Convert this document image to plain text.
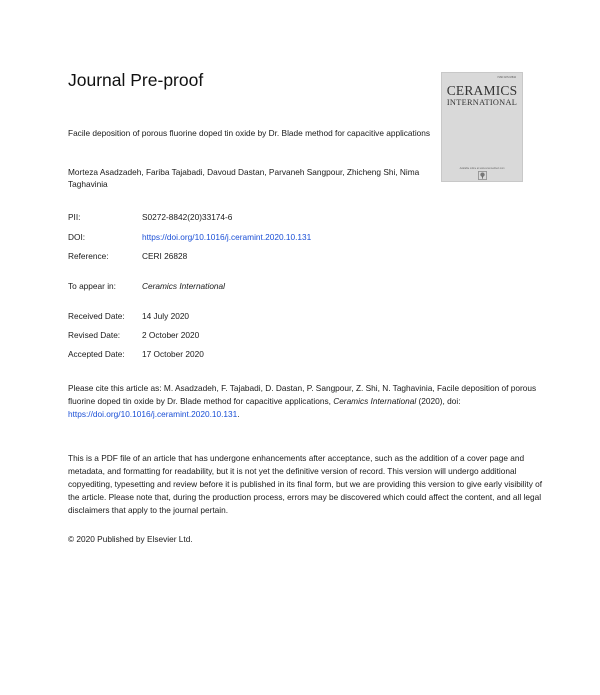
Journal Pre-proof	ISSN 0272-8842
CERAMICS
INTERNATIONAL
Available online at www.sciencedirect.com
Facile deposition of porous fluorine doped tin oxide by Dr. Blade method for capacitive applications
Morteza Asadzadeh, Fariba Tajabadi, Davoud Dastan, Parvaneh Sangpour, Zhicheng Shi, Nima Taghavinia
PII:	S0272-8842(20)33174-6
DOI:	https://doi.org/10.1016/j.ceramint.2020.10.131
Reference:	CERI 26828
To appear in:	Ceramics International
Received Date: 14 July 2020
Revised Date:	2 October 2020
Accepted Date: 17 October 2020
Please cite this article as: M. Asadzadeh, F. Tajabadi, D. Dastan, P. Sangpour, Z. Shi, N. Taghavinia, Facile deposition of porous fluorine doped tin oxide by Dr. Blade method for capacitive applications, Ceramics International (2020), doi: https://doi.org/10.1016/j.ceramint.2020.10.131.
This is a PDF file of an article that has undergone enhancements after acceptance, such as the addition of a cover page and metadata, and formatting for readability, but it is not yet the definitive version of record. This version will undergo additional copyediting, typesetting and review before it is published in its final form, but we are providing this version to give early visibility of the article. Please note that, during the production process, errors may be discovered which could affect the content, and all legal disclaimers that apply to the journal pertain.
© 2020 Published by Elsevier Ltd.
